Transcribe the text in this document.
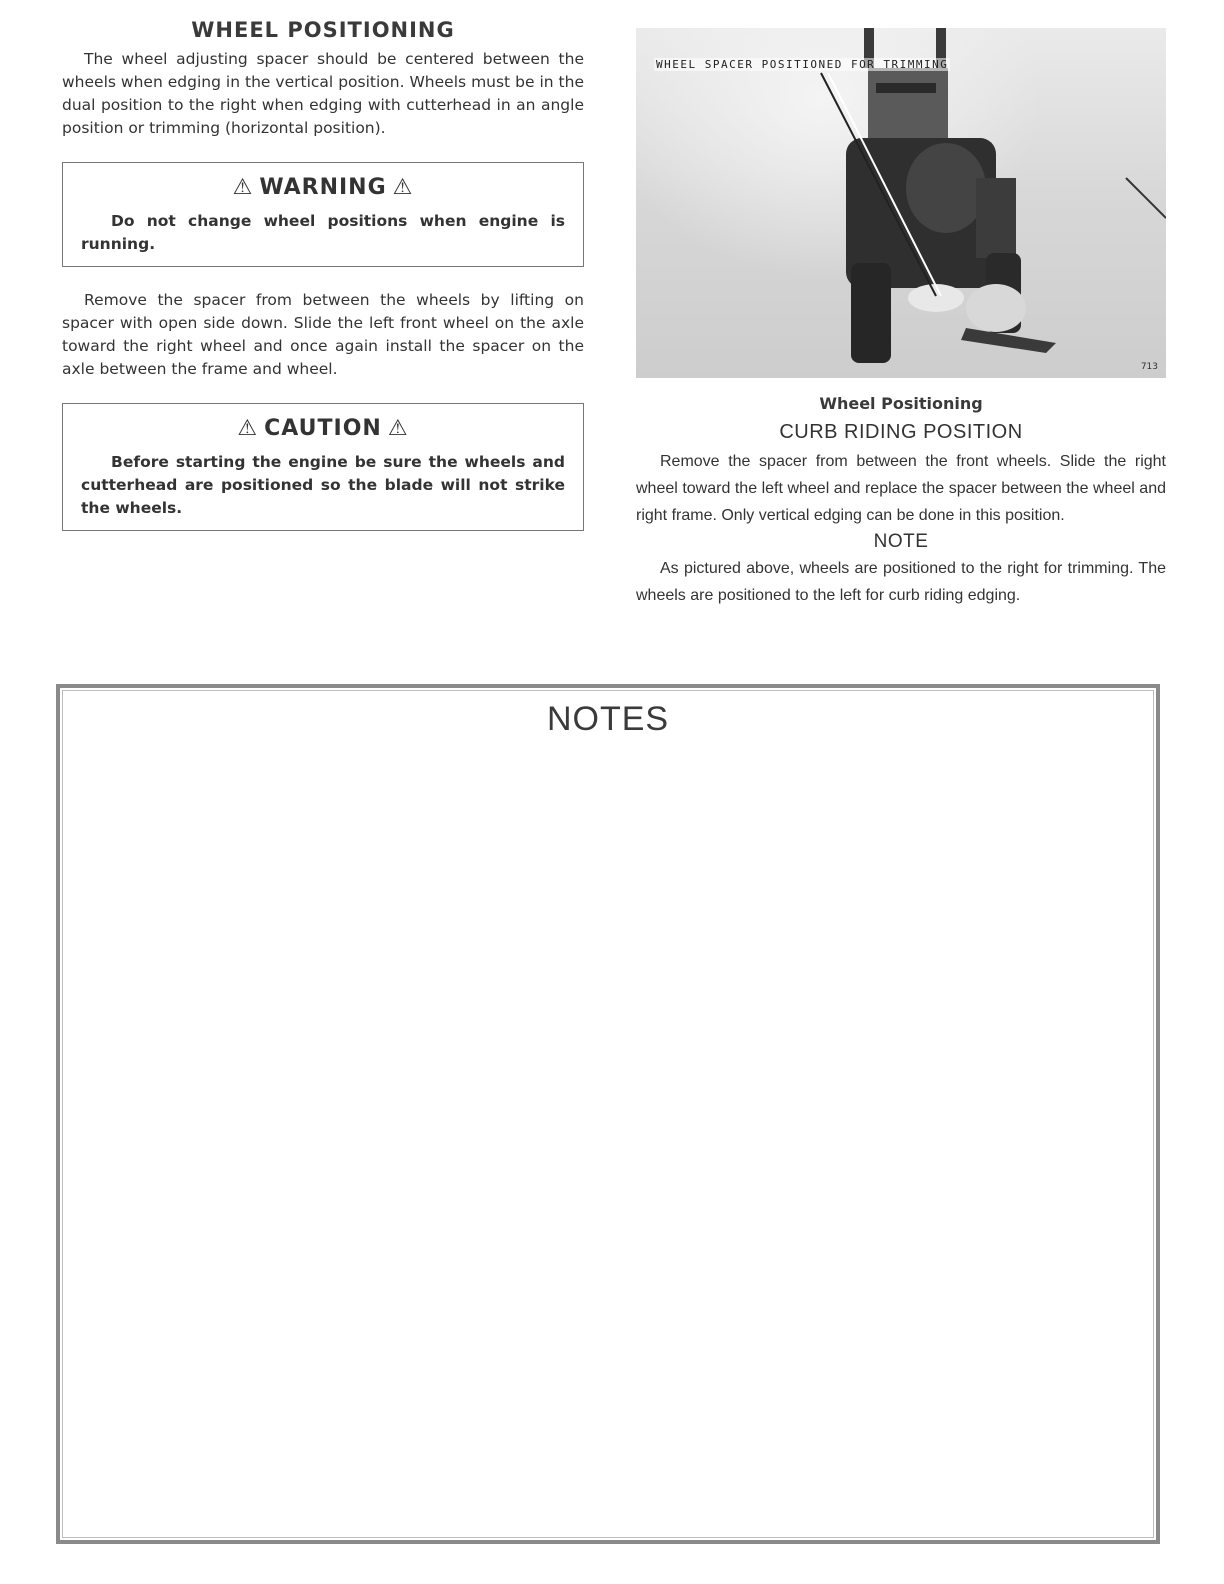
WHEEL POSITIONING

The wheel adjusting spacer should be centered between the wheels when edging in the vertical position. Wheels must be in the dual position to the right when edging with cutterhead in an angle position or trimming (horizontal position).

⚠ WARNING ⚠

Do not change wheel positions when engine is running.

Remove the spacer from between the wheels by lifting on spacer with open side down. Slide the left front wheel on the axle toward the right wheel and once again install the spacer on the axle between the frame and wheel.

⚠ CAUTION ⚠

Before starting the engine be sure the wheels and cutterhead are positioned so the blade will not strike the wheels.

WHEEL SPACER POSITIONED FOR TRIMMING
713
Wheel Positioning
CURB RIDING POSITION

Remove the spacer from between the front wheels. Slide the right wheel toward the left wheel and replace the spacer between the wheel and right frame. Only vertical edging can be done in this position.

NOTE

As pictured above, wheels are positioned to the right for trimming. The wheels are positioned to the left for curb riding edging.

NOTES
